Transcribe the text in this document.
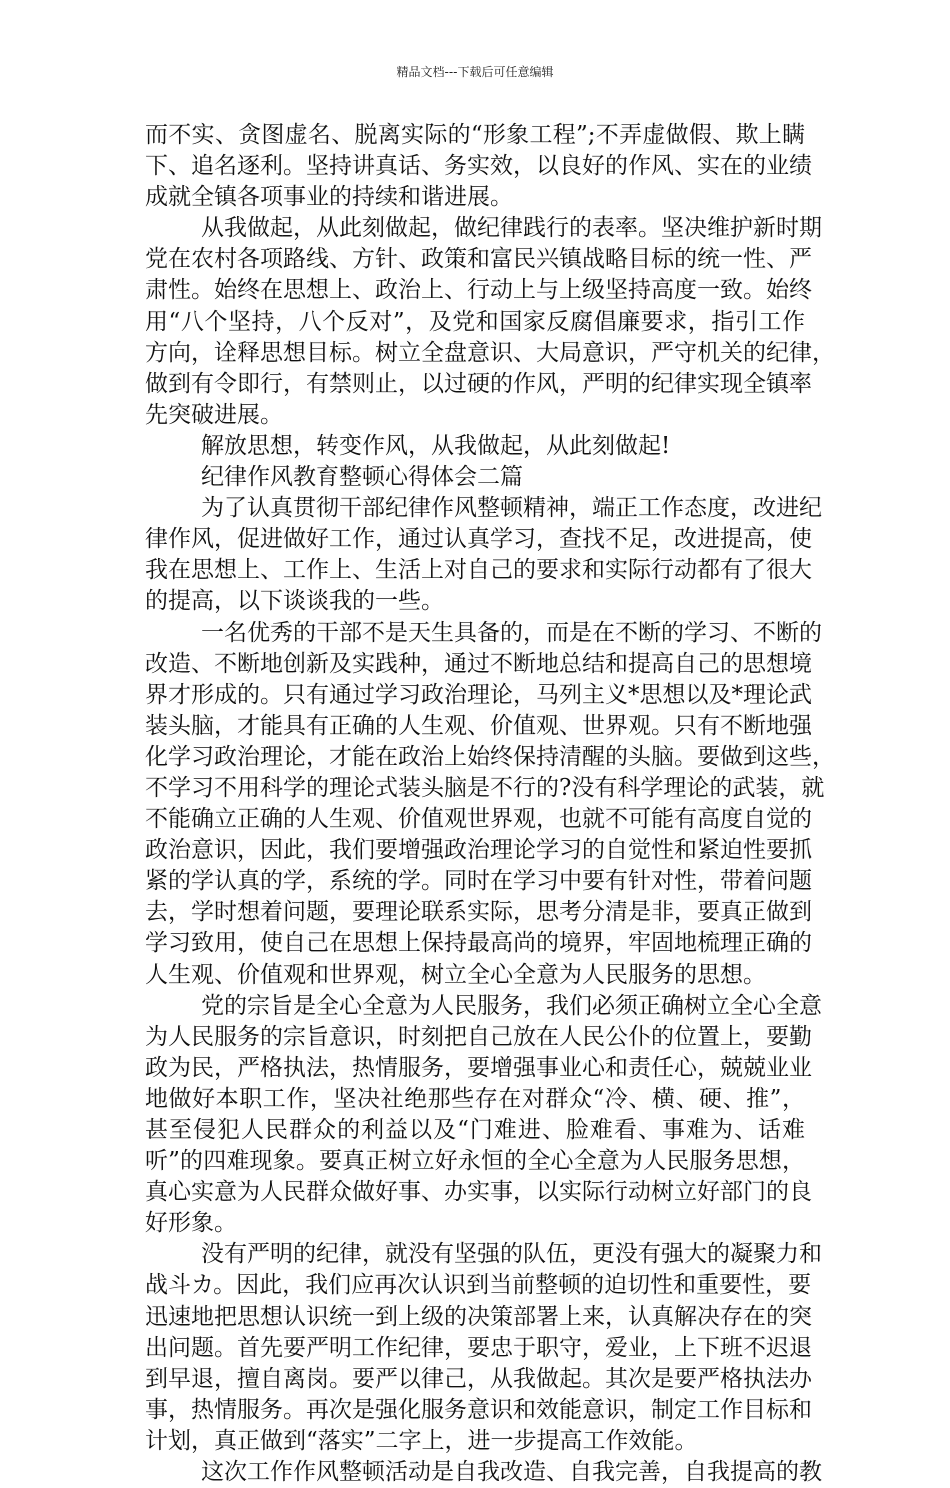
精品文档---下载后可任意编辑
而不实、贪图虚名、脱离实际的“形象工程”;不弄虚做假、欺上瞒
下、追名逐利。坚持讲真话、务实效，以良好的作风、实在的业绩
成就全镇各项事业的持续和谐进展。
从我做起，从此刻做起，做纪律践行的表率。坚决维护新时期
党在农村各项路线、方针、政策和富民兴镇战略目标的统一性、严
肃性。始终在思想上、政治上、行动上与上级坚持高度一致。始终
用“八个坚持，八个反对”，及党和国家反腐倡廉要求，指引工作
方向，诠释思想目标。树立全盘意识、大局意识，严守机关的纪律，
做到有令即行，有禁则止，以过硬的作风，严明的纪律实现全镇率
先突破进展。
解放思想，转变作风，从我做起，从此刻做起!
纪律作风教育整顿心得体会二篇
为了认真贯彻干部纪律作风整顿精神，端正工作态度，改进纪
律作风，促进做好工作，通过认真学习，查找不足，改进提高，使
我在思想上、工作上、生活上对自己的要求和实际行动都有了很大
的提高，以下谈谈我的一些。
一名优秀的干部不是天生具备的，而是在不断的学习、不断的
改造、不断地创新及实践种，通过不断地总结和提高自己的思想境
界才形成的。只有通过学习政治理论，马列主义*思想以及*理论武
装头脑，才能具有正确的人生观、价值观、世界观。只有不断地强
化学习政治理论，才能在政治上始终保持清醒的头脑。要做到这些，
不学习不用科学的理论式装头脑是不行的?没有科学理论的武装，就
不能确立正确的人生观、价值观世界观，也就不可能有高度自觉的
政治意识，因此，我们要增强政治理论学习的自觉性和紧迫性要抓
紧的学认真的学，系统的学。同时在学习中要有针对性，带着问题
去，学时想着问题，要理论联系实际，思考分清是非，要真正做到
学习致用，使自己在思想上保持最高尚的境界，牢固地梳理正确的
人生观、价值观和世界观，树立全心全意为人民服务的思想。
党的宗旨是全心全意为人民服务，我们必须正确树立全心全意
为人民服务的宗旨意识，时刻把自己放在人民公仆的位置上，要勤
政为民，严格执法，热情服务，要增强事业心和责任心，兢兢业业
地做好本职工作，坚决社绝那些存在对群众“冷、横、硬、推”，
甚至侵犯人民群众的利益以及“门难进、脸难看、事难为、话难
听”的四难现象。要真正树立好永恒的全心全意为人民服务思想，
真心实意为人民群众做好事、办实事，以实际行动树立好部门的良
好形象。
没有严明的纪律，就没有坚强的队伍，更没有强大的凝聚力和
战斗カ。因此，我们应再次认识到当前整顿的迫切性和重要性，要
迅速地把思想认识统一到上级的决策部署上来，认真解决存在的突
出问题。首先要严明工作纪律，要忠于职守，爱业，上下班不迟退
到早退，擅自离岗。要严以律己，从我做起。其次是要严格执法办
事，热情服务。再次是强化服务意识和效能意识，制定工作目标和
计划，真正做到“落实”二字上，进一步提高工作效能。
这次工作作风整顿活动是自我改造、自我完善，自我提高的教
